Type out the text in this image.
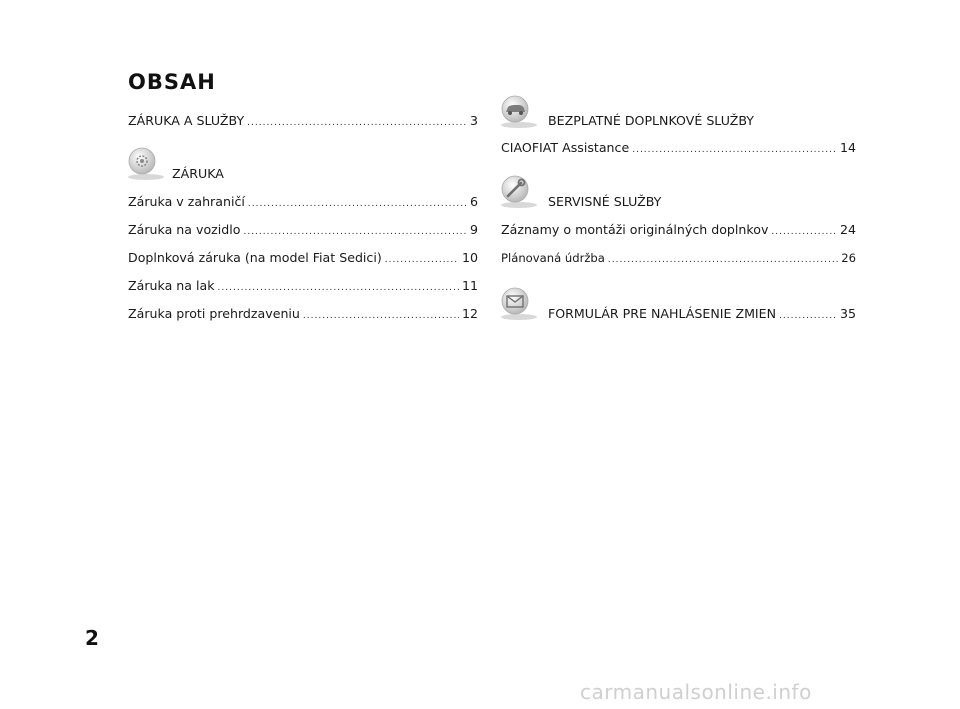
OBSAH
ZÁRUKA A SLUŽBY .....	3
ZÁRUKA
Záruka v zahraničí .....	6
Záruka na vozidlo .....	9
Doplnková záruka (na model Fiat Sedici) .....	10
Záruka na lak .....	11
Záruka proti prehrdzaveniu .....	12
BEZPLATNÉ DOPLNKOVÉ SLUŽBY
CIAOFIAT Assistance .....	14
SERVISNÉ SLUŽBY
Záznamy o montáži originálných doplnkov .....	24
Plánovaná údržba .....	26
FORMULÁR PRE NAHLÁSENIE ZMIEN .....	35
2
carmanualsonline.info
